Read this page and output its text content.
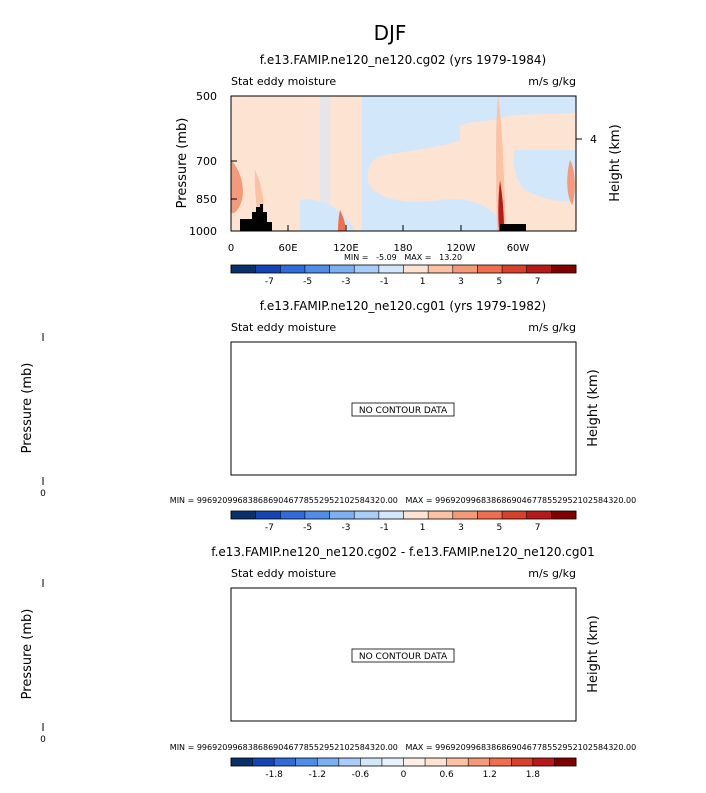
DJF
f.e13.FAMIP.ne120_ne120.cg02 (yrs 1979-1984)
Stat eddy moisture	m/s g/kg
500
700
850
1000
Pressure (mb)	4 Height (km)
0	60E	120E	180	120W	60W
MIN =   -5.09   MAX =   13.20
-7	-5	-3	-1	1	3	5	7
f.e13.FAMIP.ne120_ne120.cg01 (yrs 1979-1982)
Stat eddy moisture	m/s g/kg
NO CONTOUR DATA
0
Pressure (mb)	Height (km)
MIN = 9969209968386869046778552952102584320.00   MAX = 9969209968386869046778552952102584320.00
-7	-5	-3	-1	1	3	5	7
f.e13.FAMIP.ne120_ne120.cg02 - f.e13.FAMIP.ne120_ne120.cg01
Stat eddy moisture	m/s g/kg
NO CONTOUR DATA
0
Pressure (mb)	Height (km)
MIN = 9969209968386869046778552952102584320.00   MAX = 9969209968386869046778552952102584320.00
-1.8	-1.2	-0.6	0	0.6	1.2	1.8
